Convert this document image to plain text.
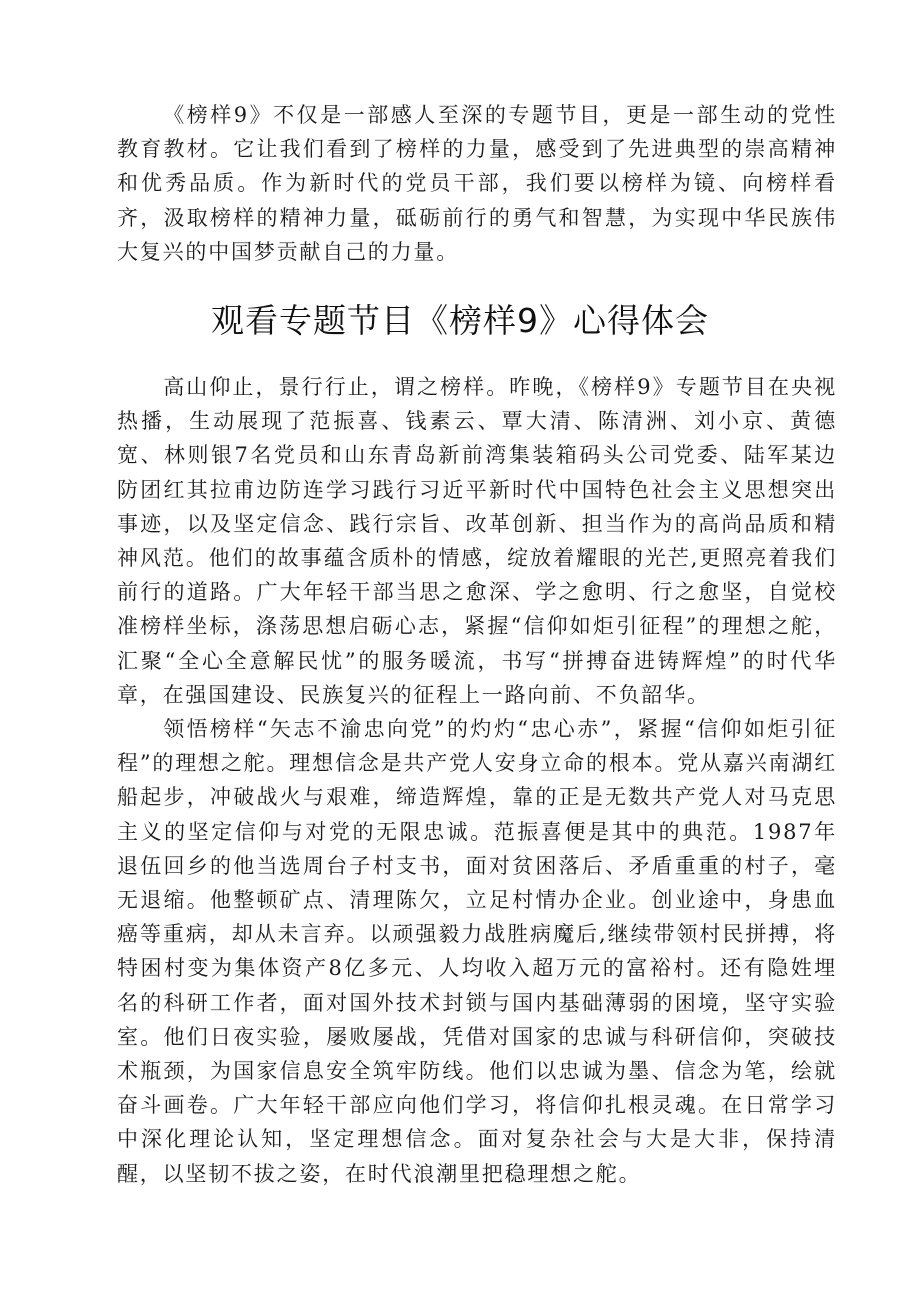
《榜样9》不仅是一部感人至深的专题节目，更是一部生动的党性教育教材。它让我们看到了榜样的力量，感受到了先进典型的崇高精神和优秀品质。作为新时代的党员干部，我们要以榜样为镜、向榜样看齐，汲取榜样的精神力量，砥砺前行的勇气和智慧，为实现中华民族伟大复兴的中国梦贡献自己的力量。

观看专题节目《榜样9》心得体会

高山仰止，景行行止，谓之榜样。昨晚，《榜样9》专题节目在央视热播，生动展现了范振喜、钱素云、覃大清、陈清洲、刘小京、黄德宽、林则银7名党员和山东青岛新前湾集装箱码头公司党委、陆军某边防团红其拉甫边防连学习践行习近平新时代中国特色社会主义思想突出事迹，以及坚定信念、践行宗旨、改革创新、担当作为的高尚品质和精神风范。他们的故事蕴含质朴的情感，绽放着耀眼的光芒,更照亮着我们前行的道路。广大年轻干部当思之愈深、学之愈明、行之愈坚，自觉校准榜样坐标，涤荡思想启砺心志，紧握“信仰如炬引征程”的理想之舵，汇聚“全心全意解民忧”的服务暖流，书写“拼搏奋进铸辉煌”的时代华章，在强国建设、民族复兴的征程上一路向前、不负韶华。

领悟榜样“矢志不渝忠向党”的灼灼“忠心赤”，紧握“信仰如炬引征程”的理想之舵。理想信念是共产党人安身立命的根本。党从嘉兴南湖红船起步，冲破战火与艰难，缔造辉煌，靠的正是无数共产党人对马克思主义的坚定信仰与对党的无限忠诚。范振喜便是其中的典范。1987年退伍回乡的他当选周台子村支书，面对贫困落后、矛盾重重的村子，毫无退缩。他整顿矿点、清理陈欠，立足村情办企业。创业途中，身患血癌等重病，却从未言弃。以顽强毅力战胜病魔后,继续带领村民拼搏，将特困村变为集体资产8亿多元、人均收入超万元的富裕村。还有隐姓埋名的科研工作者，面对国外技术封锁与国内基础薄弱的困境，坚守实验室。他们日夜实验，屡败屡战，凭借对国家的忠诚与科研信仰，突破技术瓶颈，为国家信息安全筑牢防线。他们以忠诚为墨、信念为笔，绘就奋斗画卷。广大年轻干部应向他们学习，将信仰扎根灵魂。在日常学习中深化理论认知，坚定理想信念。面对复杂社会与大是大非，保持清醒，以坚韧不拔之姿，在时代浪潮里把稳理想之舵。
